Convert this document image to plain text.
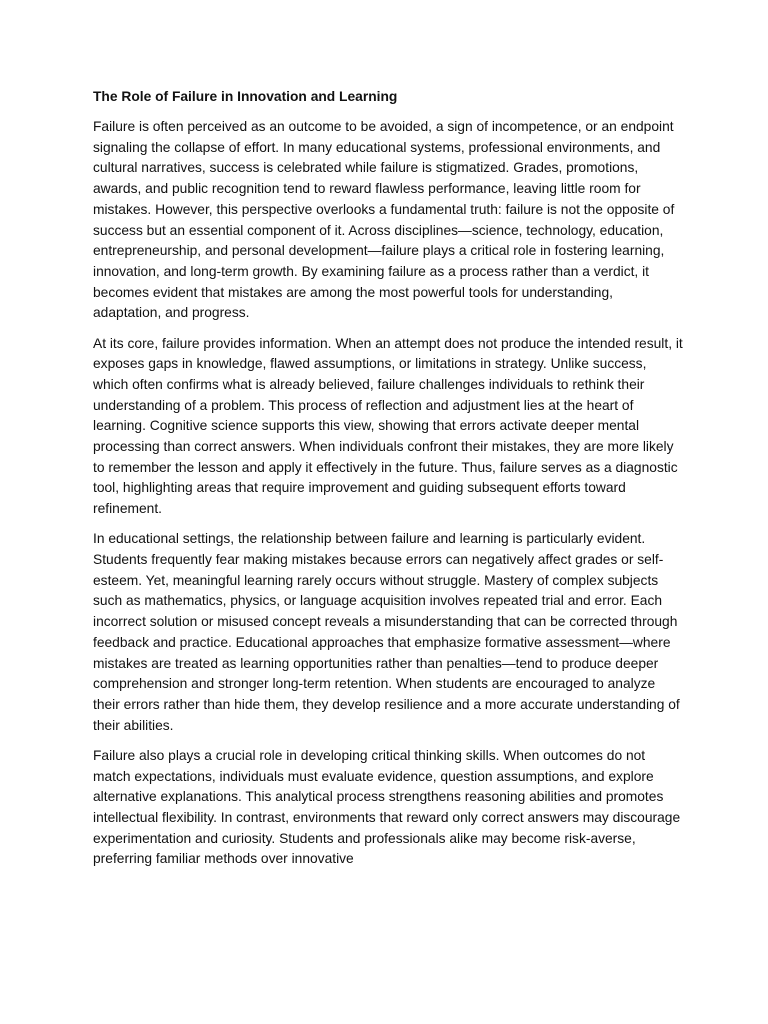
The Role of Failure in Innovation and Learning

Failure is often perceived as an outcome to be avoided, a sign of incompetence, or an endpoint signaling the collapse of effort. In many educational systems, professional environments, and cultural narratives, success is celebrated while failure is stigmatized. Grades, promotions, awards, and public recognition tend to reward flawless performance, leaving little room for mistakes. However, this perspective overlooks a fundamental truth: failure is not the opposite of success but an essential component of it. Across disciplines—science, technology, education, entrepreneurship, and personal development—failure plays a critical role in fostering learning, innovation, and long-term growth. By examining failure as a process rather than a verdict, it becomes evident that mistakes are among the most powerful tools for understanding, adaptation, and progress.

At its core, failure provides information. When an attempt does not produce the intended result, it exposes gaps in knowledge, flawed assumptions, or limitations in strategy. Unlike success, which often confirms what is already believed, failure challenges individuals to rethink their understanding of a problem. This process of reflection and adjustment lies at the heart of learning. Cognitive science supports this view, showing that errors activate deeper mental processing than correct answers. When individuals confront their mistakes, they are more likely to remember the lesson and apply it effectively in the future. Thus, failure serves as a diagnostic tool, highlighting areas that require improvement and guiding subsequent efforts toward refinement.

In educational settings, the relationship between failure and learning is particularly evident. Students frequently fear making mistakes because errors can negatively affect grades or self-esteem. Yet, meaningful learning rarely occurs without struggle. Mastery of complex subjects such as mathematics, physics, or language acquisition involves repeated trial and error. Each incorrect solution or misused concept reveals a misunderstanding that can be corrected through feedback and practice. Educational approaches that emphasize formative assessment—where mistakes are treated as learning opportunities rather than penalties—tend to produce deeper comprehension and stronger long-term retention. When students are encouraged to analyze their errors rather than hide them, they develop resilience and a more accurate understanding of their abilities.

Failure also plays a crucial role in developing critical thinking skills. When outcomes do not match expectations, individuals must evaluate evidence, question assumptions, and explore alternative explanations. This analytical process strengthens reasoning abilities and promotes intellectual flexibility. In contrast, environments that reward only correct answers may discourage experimentation and curiosity. Students and professionals alike may become risk-averse, preferring familiar methods over innovative
